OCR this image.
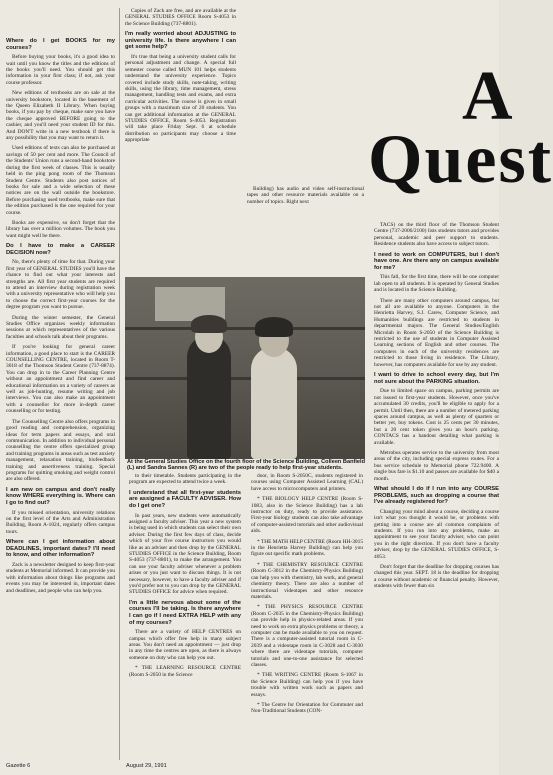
A
Quest
Where do I get BOOKS for my courses?

Before buying your books, it's a good idea to wait until you know the titles and the editions of the books you'll need. You should get this information in your first class; if not, ask your course professor.

New editions of textbooks are on sale at the university bookstore, located in the basement of the Queen Elizabeth II Library. When buying books, if you pay by cheque, make sure you have the cheque approved BEFORE going to the cashier, and you'll need your student ID for this. And DON'T write in a new textbook if there is any possibility that you may want to return it.

Used editions of texts can also be purchased at savings of 50 per cent and more. The Council of the Students' Union runs a second-hand bookstore during the first week of classes. This is usually held in the ping pong room of the Thomson Student Centre. Students also post notices of books for sale and a wide selection of these notices are on the wall outside the bookstore. Before purchasing used textbooks, make sure that the edition purchased is the one required for your course.

Books are expensive, so don't forget that the library has over a million volumes. The book you want might well be there.

Do I have to make a CAREER DECISION now?

No, there's plenty of time for that. During your first year of GENERAL STUDIES you'll have the chance to find out what your interests and strengths are. All first year students are required to attend an interview during registration week with a university representative who will help you to choose the correct first-year courses for the degree program you want to pursue.

During the winter semester, the General Studies Office organizes weekly information sessions at which representatives of the various faculties and schools talk about their programs.

If you're looking for general career information, a good place to start is the CAREER COUNSELLING CENTRE, located in Room T-3018 of the Thomson Student Centre (737-8874). You can drop in to the Career Planning Centre without an appointment and find career and educational information on a variety of careers as well as job-hunting, resume writing and job interviews. You can also make an appointment with a counsellor for more in-depth career counselling or for testing.

The Counselling Centre also offers programs in good reading and comprehension, organizing ideas for term papers and essays, and oral communication. In addition to individual personal counselling the centre offers specialized group and training programs in areas such as test anxiety management, relaxation training, biofeedback training and assertiveness training. Special programs for quitting smoking and weight control are also offered.

I am new on campus and don't really know WHERE everything is. Where can I go to find out?

If you missed orientation, university relations on the first level of the Arts and Administration Building, Room A-1024, regularly offers campus tours.

Where can I get information about DEADLINES, important dates? I'll need to know, and other information?

Zack is a newsletter designed to keep first-year students at Memorial informed. It can provide you with information about things like programs and events you may be interested in, important dates and deadlines, and people who can help you.

Copies of Zack are free, and are available at the GENERAL STUDIES OFFICE Room S-4053 in the Science Building (737-8801).

I'm really worried about ADJUSTING to university life. Is there anywhere I can get some help?

It's true that being a university student calls for personal adjustment and change. A special full semester course called MUN 101 helps students understand the university experience. Topics covered include study skills, note-taking, writing skills, using the library, time management, stress management, handling tests and exams, and extra curricular activities. The course is given in small groups with a maximum size of 20 students. You can get additional information at the GENERAL STUDIES OFFICE, Room S-4053. Registration will take place Friday Sept. 6 at schedule distribution so participants may choose a time appropriate

Building) has audio and video self-instructional tapes and other resource materials available on a number of topics. Right next

At the General Studies Office on the fourth floor of the Science Building, Colleen Banfield (L) and Sandra Sannes (R) are two of the people ready to help first-year students.

to their timetable. Students participating in the program are expected to attend twice a week.

I understand that all first-year students are assigned a FACULTY ADVISER. How do I get one?

In past years, new students were automatically assigned a faculty adviser. This year a new system is being used in which students can select their own adviser. During the first few days of class, decide which of your five course instructors you would like as an adviser and then drop by the GENERAL STUDIES OFFICE in the Science Building, Room S-4053 (737-8801), to make the arrangement. You can use your faculty adviser whenever a problem arises or you just want to discuss things. It is not necessary, however, to have a faculty adviser and if you'd prefer not to you can drop by the GENERAL STUDIES OFFICE for advice when required.

I'm a little nervous about some of the courses I'll be taking. Is there anywhere I can go if I need EXTRA HELP with any of my courses?

There are a variety of HELP CENTRES on campus which offer free help in many subject areas. You don't need an appointment — just drop in any time the centres are open, as there is always someone on duty who can help you out.

* THE LEARNING RESOURCE CENTRE (Room S-2050 in the Science

door, in Room S-2050C, students registered in courses using Computer Assisted Learning (CAL) have access to microcomputers and printers.

* THE BIOLOGY HELP CENTRE (Room S-1083, also in the Science Building) has a lab instructor on duty, ready to provide assistance. First-year biology students can also take advantage of computer-assisted tutorials and other audiovisual aids.

* THE MATH HELP CENTRE (Room HH-3015 in the Henrietta Harvey Building) can help you figure out specific math problems.

* THE CHEMISTRY RESOURCE CENTRE (Room C-3012 in the Chemistry-Physics Building) can help you with chemistry, lab work, and general chemistry theory. There are also a number of instructional videotapes and other resource materials.

* THE PHYSICS RESOURCE CENTRE (Room C-2035 in the Chemistry-Physics Building) can provide help in physics-related areas. If you need to work on extra physics problems or theory, a computer can be made available to you on request. There is a computer-assisted tutorial room in C-2039 and a videotape room in C-3028 and C-3030 where there are videotape tutorials, computer tutorials and one-to-one assistance for selected classes.

* THE WRITING CENTRE (Room S-1067 in the Science Building) can help you if you have trouble with written work such as papers and essays.

* The Centre for Orientation for Commuter and Non-Traditional Students (CON-

TACS) on the third floor of the Thomson Student Centre (737-2006/2100) lists students tutors and provides personal, academic and peer support to students. Residence students also have access to subject tutors.

I need to work on COMPUTERS, but I don't have one. Are there any on campus available for me?

This fall, for the first time, there will be one computer lab open to all students. It is operated by General Studies and is located in the Science Building.

There are many other computers around campus, but not all are available to anyone. Computers in the Henrietta Harvey, S.J. Carew, Computer Science, and Humanities buildings are restricted to students in departmental majors. The General Studies/English Microlab in Room S-2050 of the Science Building is restricted to the use of students in Computer Assisted Learning sections of English and other courses. The computers in each of the university residences are restricted to those living in residence. The Library, however, has computers available for use by any student.

I want to drive to school every day, but I'm not sure about the PARKING situation.

Due to limited space on campus, parking permits are not issued to first-year students. However, once you've accumulated 30 credits, you'll be eligible to apply for a permit. Until then, there are a number of metered parking spaces around campus, as well as plenty of quarters or better yet, buy tokens. Cost is 25 cents per 30 minutes, but a 20 cent token gives you an hour's parking. CONTACS has a handout detailing what parking is available.

Metrobus operates service to the university from most areas of the city, including special express routes. For a bus service schedule to Memorial phone 722.9400. A single bus fare is $1.10 and passes are available for $40 a month.

What should I do if I run into any COURSE PROBLEMS, such as dropping a course that I've already registered for?

Changing your mind about a course, deciding a course isn't what you thought it would be, or problems with getting into a course are all common complaints of students. If you run into any problems, make an appointment to see your faculty adviser, who can point you in the right direction. If you don't have a faculty adviser, drop by the GENERAL STUDIES OFFICE, S-4053.

Don't forget that the deadline for dropping courses has changed this year. SEPT. 18 is the deadline for dropping a course without academic or financial penalty. However, students with fewer than six

Gazette 6	August 29, 1991
